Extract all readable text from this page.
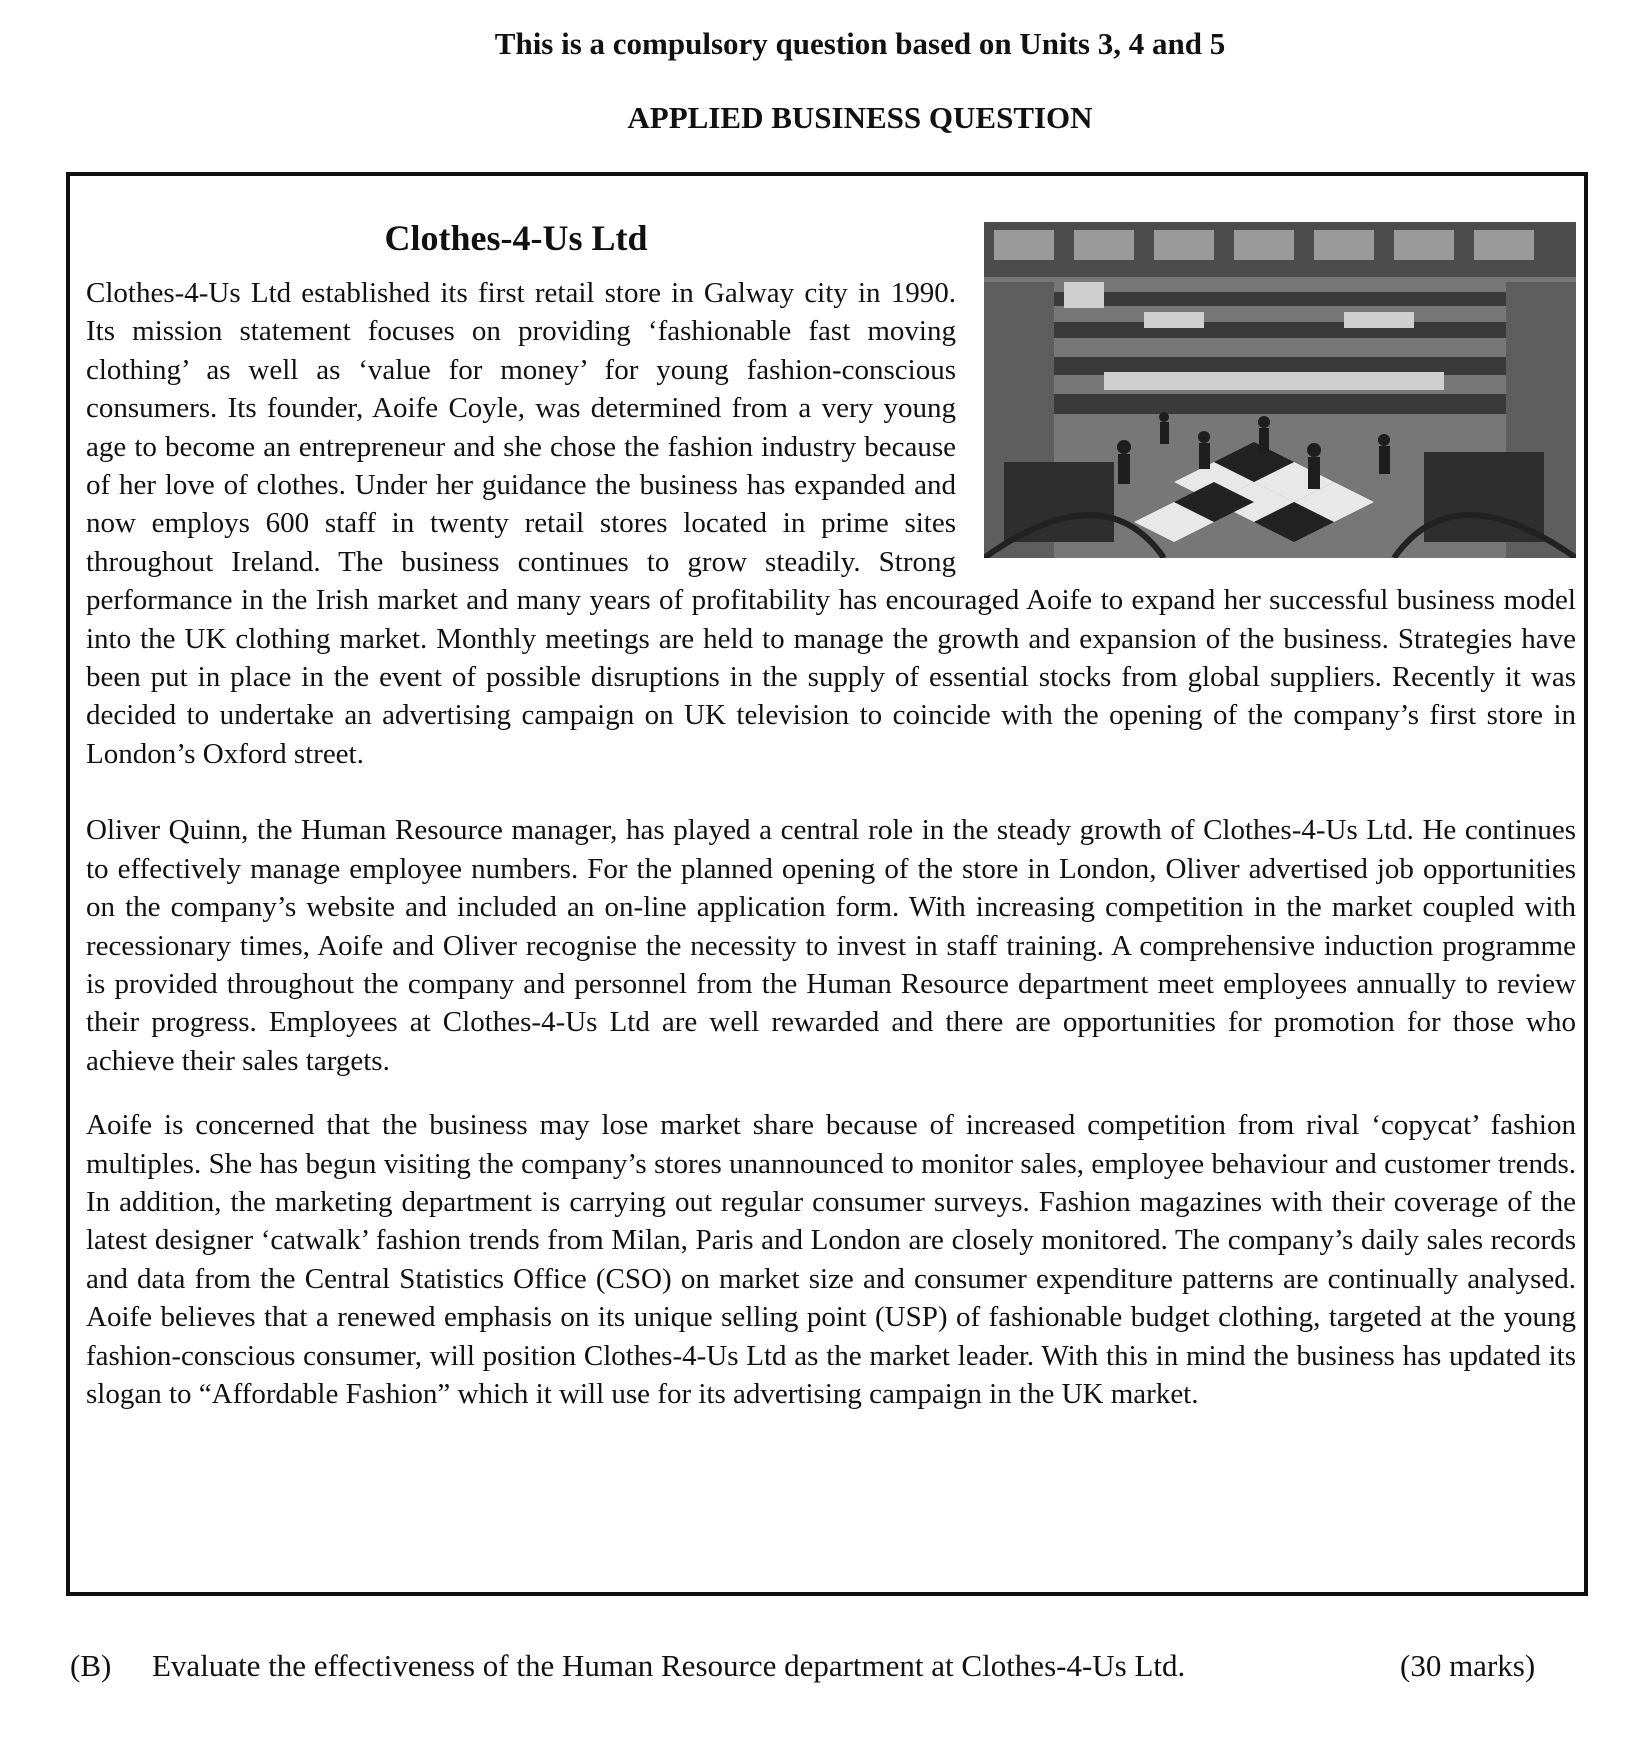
This is a compulsory question based on Units 3, 4 and 5

APPLIED BUSINESS QUESTION

Clothes-4-Us Ltd

Clothes-4-Us Ltd established its first retail store in Galway city in 1990. Its mission statement focuses on providing ‘fashionable fast moving clothing’ as well as ‘value for money’ for young fashion-conscious consumers. Its founder, Aoife Coyle, was determined from a very young age to become an entrepreneur and she chose the fashion industry because of her love of clothes. Under her guidance the business has expanded and now employs 600 staff in twenty retail stores located in prime sites throughout Ireland. The business continues to grow steadily. Strong performance in the Irish market and many years of profitability has encouraged Aoife to expand her successful business model into the UK clothing market. Monthly meetings are held to manage the growth and expansion of the business. Strategies have been put in place in the event of possible disruptions in the supply of essential stocks from global suppliers. Recently it was decided to undertake an advertising campaign on UK television to coincide with the opening of the company’s first store in London’s Oxford street.

Oliver Quinn, the Human Resource manager, has played a central role in the steady growth of Clothes-4-Us Ltd. He continues to effectively manage employee numbers. For the planned opening of the store in London, Oliver advertised job opportunities on the company’s website and included an on-line application form. With increasing competition in the market coupled with recessionary times, Aoife and Oliver recognise the necessity to invest in staff training. A comprehensive induction programme is provided throughout the company and personnel from the Human Resource department meet employees annually to review their progress. Employees at Clothes-4-Us Ltd are well rewarded and there are opportunities for promotion for those who achieve their sales targets.

Aoife is concerned that the business may lose market share because of increased competition from rival ‘copycat’ fashion multiples. She has begun visiting the company’s stores unannounced to monitor sales, employee behaviour and customer trends. In addition, the marketing department is carrying out regular consumer surveys. Fashion magazines with their coverage of the latest designer ‘catwalk’ fashion trends from Milan, Paris and London are closely monitored. The company’s daily sales records and data from the Central Statistics Office (CSO) on market size and consumer expenditure patterns are continually analysed. Aoife believes that a renewed emphasis on its unique selling point (USP) of fashionable budget clothing, targeted at the young fashion-conscious consumer, will position Clothes-4-Us Ltd as the market leader. With this in mind the business has updated its slogan to “Affordable Fashion” which it will use for its advertising campaign in the UK market.

(B) Evaluate the effectiveness of the Human Resource department at Clothes-4-Us Ltd.	(30 marks)
